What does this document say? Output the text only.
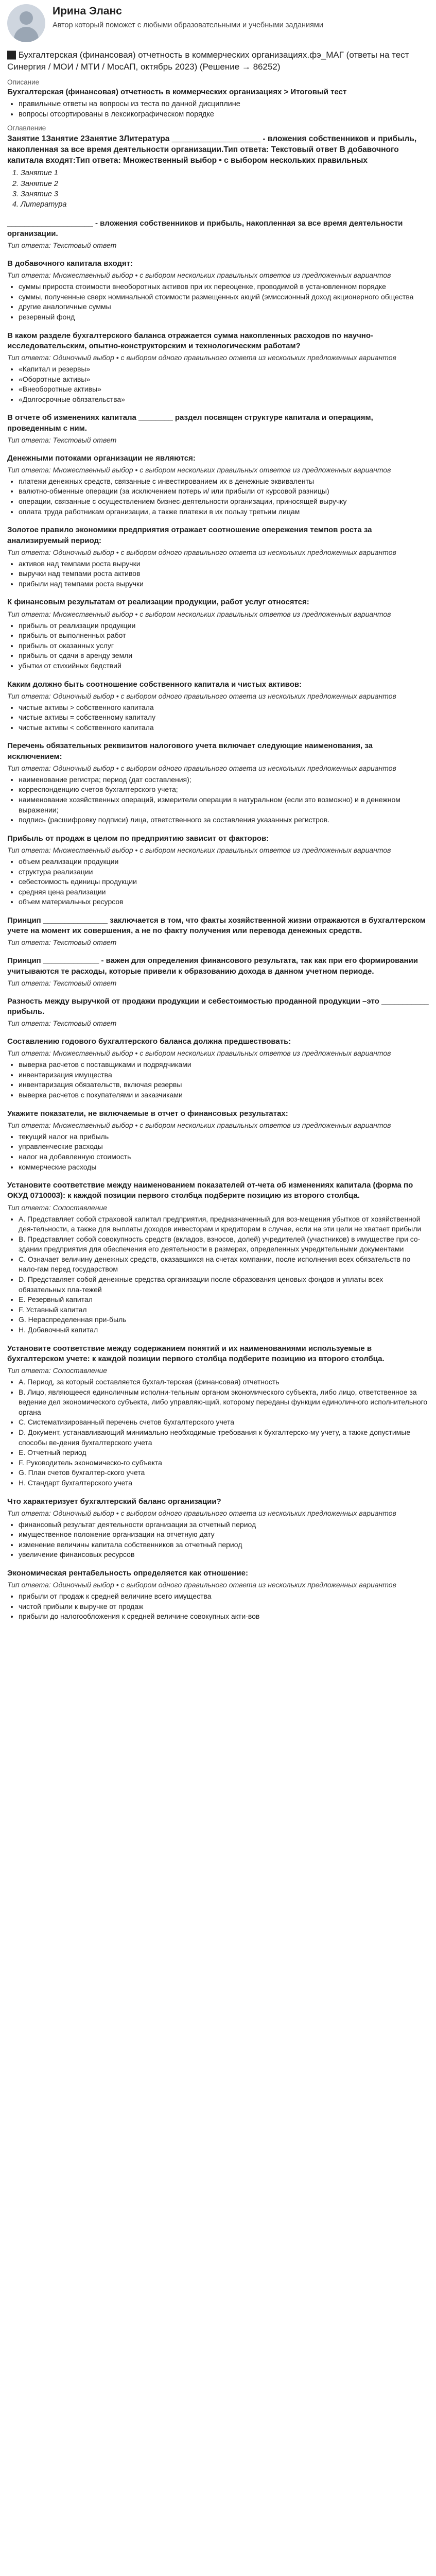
Ирина Эланс
Автор который поможет с любыми образовательными и учебными заданиями
🏿 Бухгалтерская (финансовая) отчетность в коммерческих организациях.фэ_МАГ (ответы на тест Синергия / МОИ / МТИ / МосАП, октябрь 2023) (Решение → 86252)
Описание
Бухгалтерская (финансовая) отчетность в коммерческих организациях > Итоговый тест
• правильные ответы на вопросы из теста по данной дисциплине
• вопросы отсортированы в лексикографическом порядке
Оглавление
Занятие 1Занятие 2Занятие 3Литература ____________________ - вложения собственников и прибыль, накопленная за все время деятельности организации.Тип ответа: Текстовый ответ В добавочного капитала входят:Тип ответа: Множественный выбор • с выбором нескольких правильных
1. Занятие 1
2. Занятие 2
3. Занятие 3
4. Литература
____________________ - вложения собственников и прибыль, накопленная за все время деятельности организации.
Тип ответа: Текстовый ответ
В добавочного капитала входят:
Тип ответа: Множественный выбор • с выбором нескольких правильных ответов из предложенных вариантов
• суммы прироста стоимости внеоборотных активов при их переоценке, проводимой в установленном порядке
• суммы, полученные сверх номинальной стоимости размещенных акций (эмиссионный доход акционерного общества
• другие аналогичные суммы
• резервный фонд
В каком разделе бухгалтерского баланса отражается сумма накопленных расходов по научно-исследовательским, опытно-конструкторским и технологическим работам?
Тип ответа: Одиночный выбор • с выбором одного правильного ответа из нескольких предложенных вариантов
• «Капитал и резервы»
• «Оборотные активы»
• «Внеоборотные активы»
• «Долгосрочные обязательства»
В отчете об изменениях капитала ________ раздел посвящен структуре капитала и операциям, проведенным с ним.
Тип ответа: Текстовый ответ
Денежными потоками организации не являются:
Тип ответа: Множественный выбор • с выбором нескольких правильных ответов из предложенных вариантов
• платежи денежных средств, связанные с инвестированием их в денежные эквиваленты
• валютно-обменные операции (за исключением потерь и/ или прибыли от курсовой разницы)
• операции, связанные с осуществлением бизнес-деятельности организации, приносящей выручку
• оплата труда работникам организации, а также платежи в их пользу третьим лицам
Золотое правило экономики предприятия отражает соотношение опережения темпов роста за анализируемый период:
Тип ответа: Одиночный выбор • с выбором одного правильного ответа из нескольких предложенных вариантов
• активов над темпами роста выручки
• выручки над темпами роста активов
• прибыли над темпами роста выручки
К финансовым результатам от реализации продукции, работ услуг относятся:
Тип ответа: Множественный выбор • с выбором нескольких правильных ответов из предложенных вариантов
• прибыль от реализации продукции
• прибыль от выполненных работ
• прибыль от оказанных услуг
• прибыль от сдачи в аренду земли
• убытки от стихийных бедствий
Каким должно быть соотношение собственного капитала и чистых активов:
Тип ответа: Одиночный выбор • с выбором одного правильного ответа из нескольких предложенных вариантов
• чистые активы > собственного капитала
• чистые активы = собственному капиталу
• чистые активы < собственного капитала
Перечень обязательных реквизитов налогового учета включает следующие наименования, за исключением:
Тип ответа: Одиночный выбор • с выбором одного правильного ответа из нескольких предложенных вариантов
• наименование регистра; период (дат составления);
• корреспонденцию счетов бухгалтерского учета;
• наименование хозяйственных операций, измерители операции в натуральном (если это возможно) и в денежном выражении;
• подпись (расшифровку подписи) лица, ответственного за составления указанных регистров.
Прибыль от продаж в целом по предприятию зависит от факторов:
Тип ответа: Множественный выбор • с выбором нескольких правильных ответов из предложенных вариантов
• объем реализации продукции
• структура реализации
• себестоимость единицы продукции
• средняя цена реализации
• объем материальных ресурсов
Принцип _______________ заключается в том, что факты хозяйственной жизни отражаются в бухгалтерском учете на момент их совершения, а не по факту получения или перевода денежных средств.
Тип ответа: Текстовый ответ
Принцип _____________ - важен для определения финансового результата, так как при его формировании учитываются те расходы, которые привели к образованию дохода в данном учетном периоде.
Тип ответа: Текстовый ответ
Разность между выручкой от продажи продукции и себестоимостью проданной продукции –это ___________ прибыль.
Тип ответа: Текстовый ответ
Составлению годового бухгалтерского баланса должна предшествовать:
Тип ответа: Множественный выбор • с выбором нескольких правильных ответов из предложенных вариантов
• выверка расчетов с поставщиками и подрядчиками
• инвентаризация имущества
• инвентаризация обязательств, включая резервы
• выверка расчетов с покупателями и заказчиками
Укажите показатели, не включаемые в отчет о финансовых результатах:
Тип ответа: Множественный выбор • с выбором нескольких правильных ответов из предложенных вариантов
• текущий налог на прибыль
• управленческие расходы
• налог на добавленную стоимость
• коммерческие расходы
Установите соответствие между наименованием показателей от-чета об изменениях капитала (форма по ОКУД 0710003): к каждой позиции первого столбца подберите позицию из второго столбца.
Тип ответа: Сопоставление
• A. Представляет собой страховой капитал предприятия, предназначенный для воз-мещения убытков от хозяйственной дея-тельности, а также для выплаты доходов инвесторам и кредиторам в случае, если на эти цели не хватает прибыли
• B. Представляет собой совокупность средств (вкладов, взносов, долей) учредителей (участников) в имуществе при со-здании предприятия для обеспечения его деятельности в размерах, определенных учредительными документами
• C. Означает величину денежных средств, оказавшихся на счетах компании, после исполнения всех обязательств по нало-гам перед государством
• D. Представляет собой денежные средства организации после образования ценовых фондов и уплаты всех обязательных пла-тежей
• E. Резервный капитал
• F. Уставный капитал
• G. Нераспределенная при-быль
• H. Добавочный капитал
Установите соответствие между содержанием понятий и их наименованиями используемые в бухгалтерском учете: к каждой позиции первого столбца подберите позицию из второго столбца.
Тип ответа: Сопоставление
• A. Период, за который составляется бухгал-терская (финансовая) отчетность
• B. Лицо, являющееся единоличным исполни-тельным органом экономического субъекта, либо лицо, ответственное за ведение дел экономического субъекта, либо управляю-щий, которому переданы функции единоличного исполнительного органа
• C. Систематизированный перечень счетов бухгалтерского учета
• D. Документ, устанавливающий минимально необходимые требования к бухгалтерско-му учету, а также допустимые способы ве-дения бухгалтерского учета
• E. Отчетный период
• F. Руководитель экономическо-го субъекта
• G. План счетов бухгалтер-ского учета
• H. Стандарт бухгалтерского учета
Что характеризует бухгалтерский баланс организации?
Тип ответа: Одиночный выбор • с выбором одного правильного ответа из нескольких предложенных вариантов
• финансовый результат деятельности организации за отчетный период
• имущественное положение организации на отчетную дату
• изменение величины капитала собственников за отчетный период
• увеличение финансовых ресурсов
Экономическая рентабельность определяется как отношение:
Тип ответа: Одиночный выбор • с выбором одного правильного ответа из нескольких предложенных вариантов
• прибыли от продаж к средней величине всего имущества
• чистой прибыли к выручке от продаж
• прибыли до налогообложения к средней величине совокупных акти-вов
